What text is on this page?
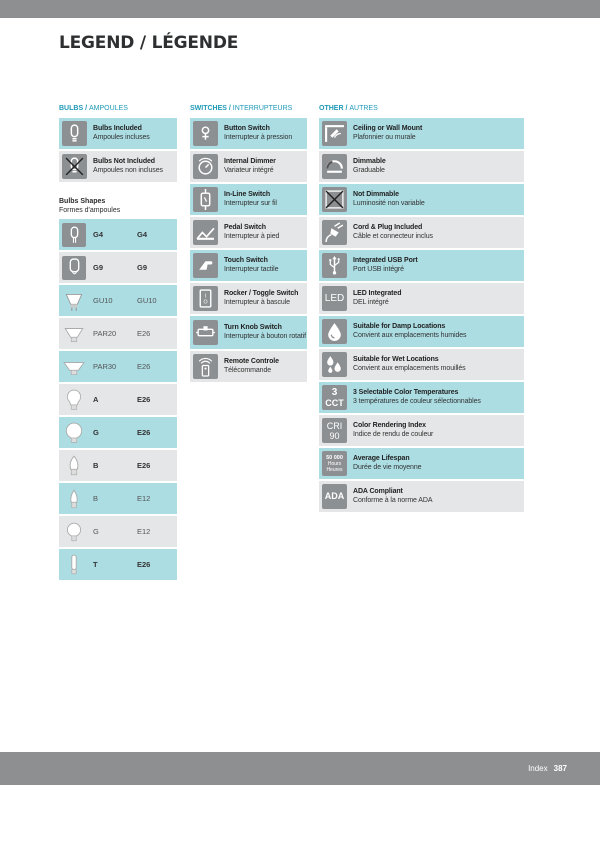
LEGEND / LÉGENDE
BULBS / AMPOULES
Bulbs Included
Ampoules incluses
Bulbs Not Included
Ampoules non incluses
Bulbs Shapes
Formes d'ampoules
G4	G4
G9	G9
GU10	GU10
PAR20	E26
PAR30	E26
A	E26
G	E26
B	E26
B	E12
G	E12
T	E26
SWITCHES / INTERRUPTEURS
Button Switch
Interrupteur à pression
Internal Dimmer
Variateur intégré
In-Line Switch
Interrupteur sur fil
Pedal Switch
Interrupteur à pied
Touch Switch
Interrupteur tactile
I
O
Rocker / Toggle Switch
Interrupteur à bascule
Turn Knob Switch
Interrupteur à bouton rotatif
Remote Controle
Télécommande
OTHER / AUTRES
Ceiling or Wall Mount
Plafonnier ou murale
Dimmable
Graduable
Not Dimmable
Luminosité non variable
Cord & Plug Included
Câble et connecteur inclus
Integrated USB Port
Port USB intégré
LED LED Integrated
DEL intégré
Suitable for Damp Locations
Convient aux emplacements humides
Suitable for Wet Locations
Convient aux emplacements mouillés
3
CCT
3 Selectable Color Temperatures
3 températures de couleur sélectionnables
CRI
90
Color Rendering Index
Indice de rendu de couleur
50 000
Hours
Heures
Average Lifespan
Durée de vie moyenne
ADA ADA Compliant
Conforme à la norme ADA
Index 387
